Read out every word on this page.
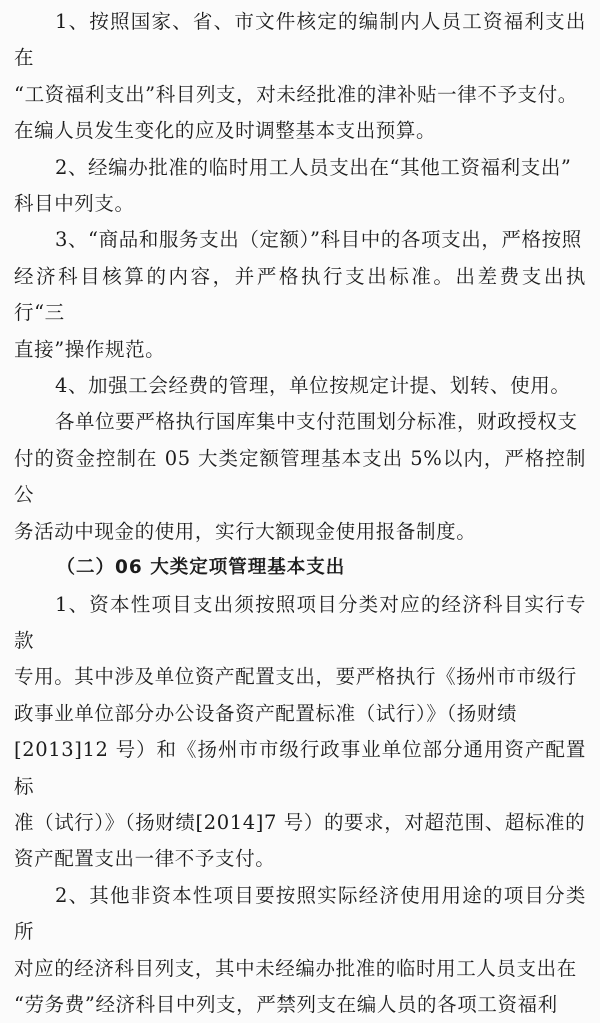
1、按照国家、省、市文件核定的编制内人员工资福利支出在
“工资福利支出”科目列支，对未经批准的津补贴一律不予支付。
在编人员发生变化的应及时调整基本支出预算。
2、经编办批准的临时用工人员支出在“其他工资福利支出”
科目中列支。
3、“商品和服务支出（定额）”科目中的各项支出，严格按照
经济科目核算的内容，并严格执行支出标准。出差费支出执行“三
直接”操作规范。
4、加强工会经费的管理，单位按规定计提、划转、使用。
各单位要严格执行国库集中支付范围划分标准，财政授权支
付的资金控制在 05 大类定额管理基本支出 5%以内，严格控制公
务活动中现金的使用，实行大额现金使用报备制度。
（二）06 大类定项管理基本支出
1、资本性项目支出须按照项目分类对应的经济科目实行专款
专用。其中涉及单位资产配置支出，要严格执行《扬州市市级行
政事业单位部分办公设备资产配置标准（试行）》（扬财绩
[2013]12 号）和《扬州市市级行政事业单位部分通用资产配置标
准（试行）》（扬财绩[2014]7 号）的要求，对超范围、超标准的
资产配置支出一律不予支付。
2、其他非资本性项目要按照实际经济使用用途的项目分类所
对应的经济科目列支，其中未经编办批准的临时用工人员支出在
“劳务费”经济科目中列支，严禁列支在编人员的各项工资福利
